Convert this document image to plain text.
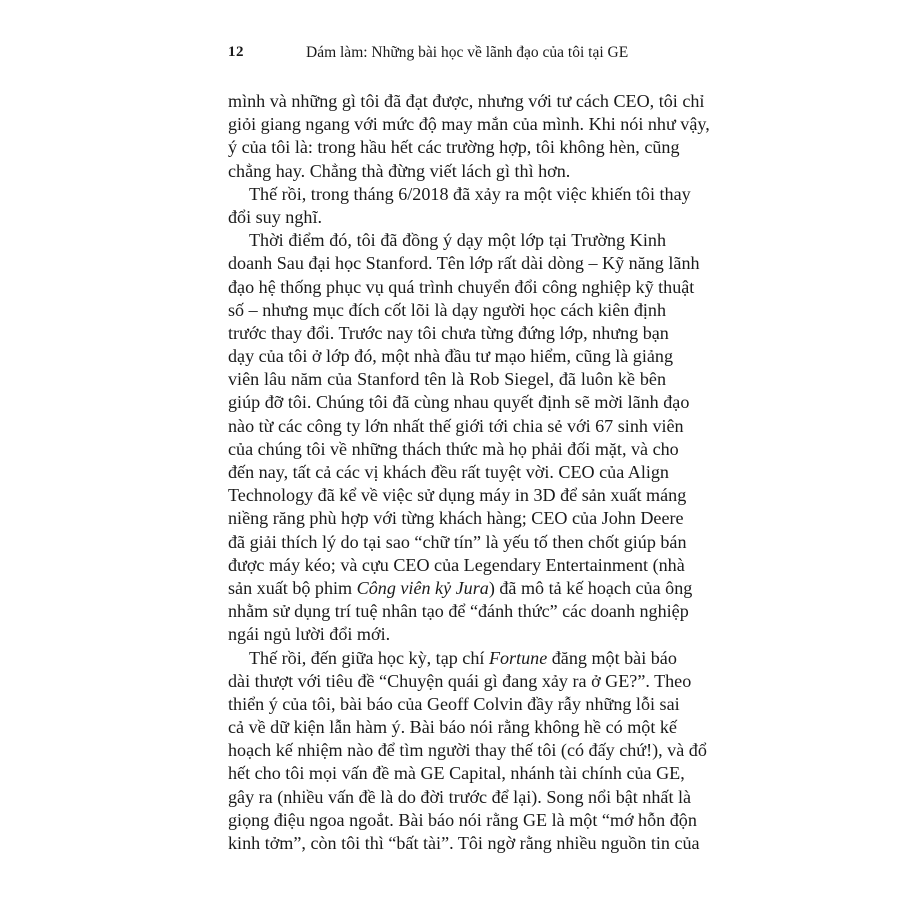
12	Dám làm: Những bài học về lãnh đạo của tôi tại GE
mình và những gì tôi đã đạt được, nhưng với tư cách CEO, tôi chỉ
giỏi giang ngang với mức độ may mắn của mình. Khi nói như vậy,
ý của tôi là: trong hầu hết các trường hợp, tôi không hèn, cũng
chẳng hay. Chẳng thà đừng viết lách gì thì hơn.
Thế rồi, trong tháng 6/2018 đã xảy ra một việc khiến tôi thay
đổi suy nghĩ.
Thời điểm đó, tôi đã đồng ý dạy một lớp tại Trường Kinh
doanh Sau đại học Stanford. Tên lớp rất dài dòng – Kỹ năng lãnh
đạo hệ thống phục vụ quá trình chuyển đổi công nghiệp kỹ thuật
số – nhưng mục đích cốt lõi là dạy người học cách kiên định
trước thay đổi. Trước nay tôi chưa từng đứng lớp, nhưng bạn
dạy của tôi ở lớp đó, một nhà đầu tư mạo hiểm, cũng là giảng
viên lâu năm của Stanford tên là Rob Siegel, đã luôn kề bên
giúp đỡ tôi. Chúng tôi đã cùng nhau quyết định sẽ mời lãnh đạo
nào từ các công ty lớn nhất thế giới tới chia sẻ với 67 sinh viên
của chúng tôi về những thách thức mà họ phải đối mặt, và cho
đến nay, tất cả các vị khách đều rất tuyệt vời. CEO của Align
Technology đã kể về việc sử dụng máy in 3D để sản xuất máng
niềng răng phù hợp với từng khách hàng; CEO của John Deere
đã giải thích lý do tại sao “chữ tín” là yếu tố then chốt giúp bán
được máy kéo; và cựu CEO của Legendary Entertainment (nhà
sản xuất bộ phim Công viên kỷ Jura) đã mô tả kế hoạch của ông
nhằm sử dụng trí tuệ nhân tạo để “đánh thức” các doanh nghiệp
ngái ngủ lười đổi mới.
Thế rồi, đến giữa học kỳ, tạp chí Fortune đăng một bài báo
dài thượt với tiêu đề “Chuyện quái gì đang xảy ra ở GE?”. Theo
thiển ý của tôi, bài báo của Geoff Colvin đầy rẫy những lỗi sai
cả về dữ kiện lẫn hàm ý. Bài báo nói rằng không hề có một kế
hoạch kế nhiệm nào để tìm người thay thế tôi (có đấy chứ!), và đổ
hết cho tôi mọi vấn đề mà GE Capital, nhánh tài chính của GE,
gây ra (nhiều vấn đề là do đời trước để lại). Song nổi bật nhất là
giọng điệu ngoa ngoắt. Bài báo nói rằng GE là một “mớ hỗn độn
kinh tởm”, còn tôi thì “bất tài”. Tôi ngờ rằng nhiều nguồn tin của
